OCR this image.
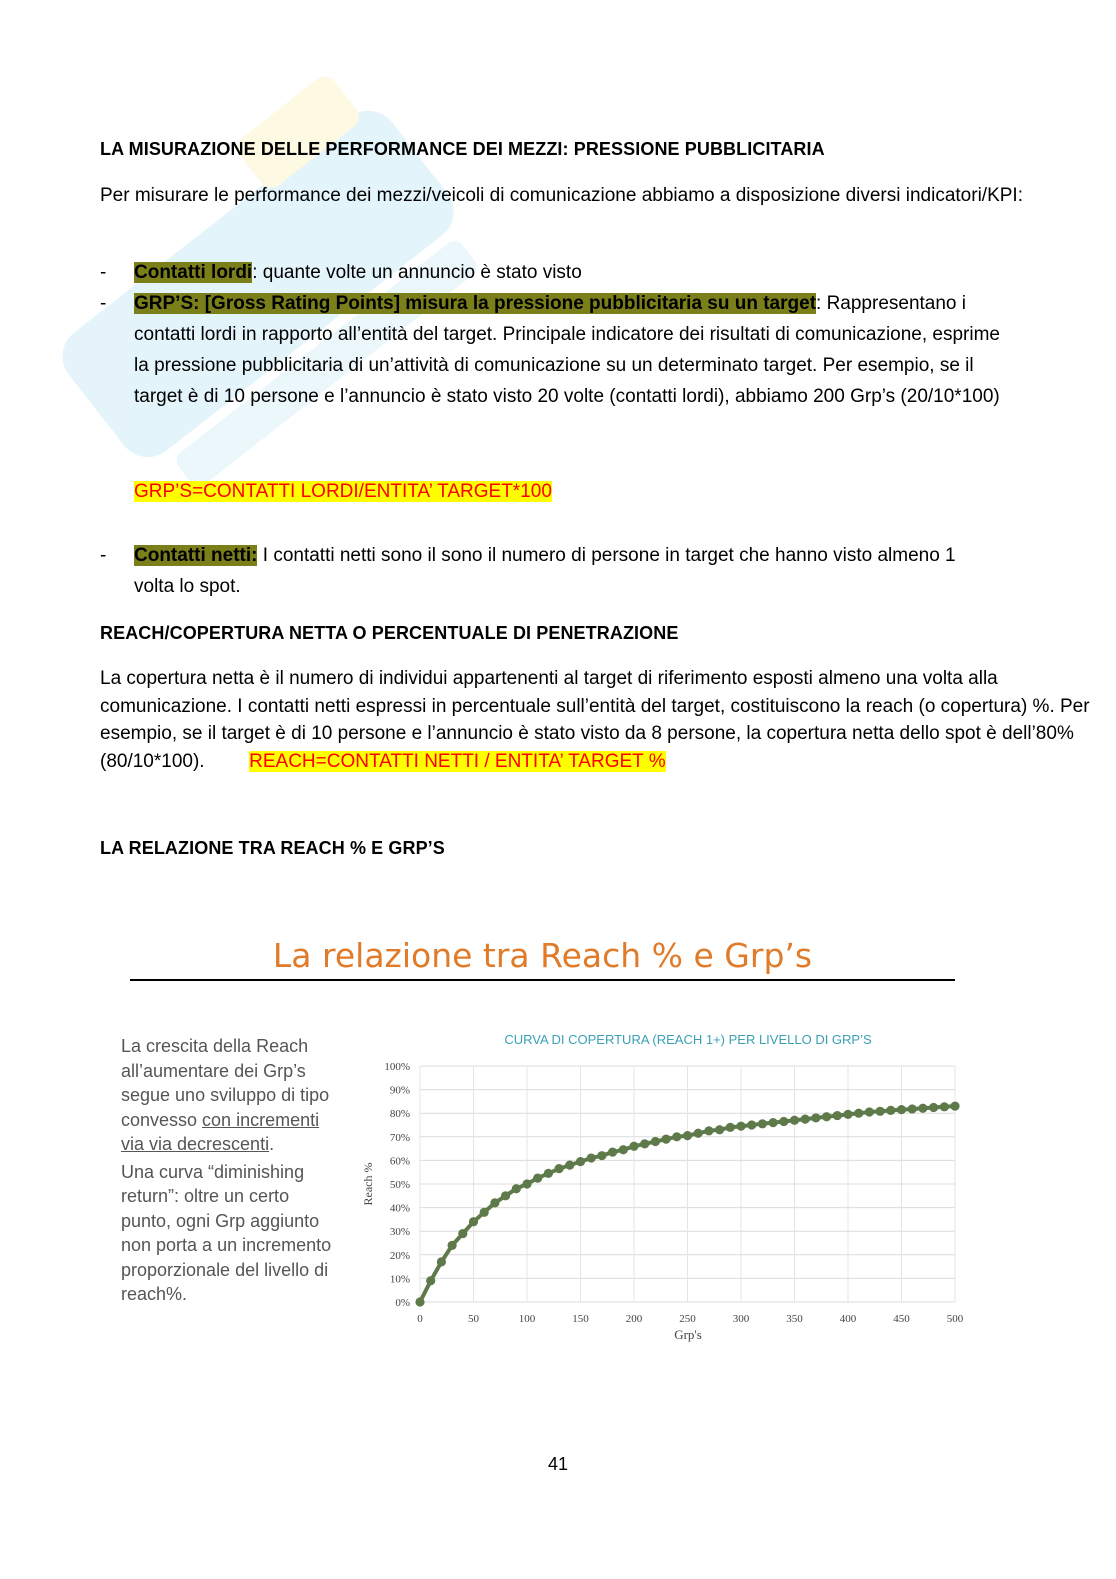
LA MISURAZIONE DELLE PERFORMANCE DEI MEZZI: PRESSIONE PUBBLICITARIA
Per misurare le performance dei mezzi/veicoli di comunicazione abbiamo a disposizione diversi indicatori/KPI:
- Contatti lordi: quante volte un annuncio è stato visto
- GRP’S: [Gross Rating Points] misura la pressione pubblicitaria su un target: Rappresentano i contatti lordi in rapporto all’entità del target. Principale indicatore dei risultati di comunicazione, esprime la pressione pubblicitaria di un’attività di comunicazione su un determinato target. Per esempio, se il target è di 10 persone e l’annuncio è stato visto 20 volte (contatti lordi), abbiamo 200 Grp’s (20/10*100)
GRP’S=CONTATTI LORDI/ENTITA’ TARGET*100
- Contatti netti: I contatti netti sono il sono il numero di persone in target che hanno visto almeno 1 volta lo spot.
REACH/COPERTURA NETTA O PERCENTUALE DI PENETRAZIONE
La copertura netta è il numero di individui appartenenti al target di riferimento esposti almeno una volta alla comunicazione. I contatti netti espressi in percentuale sull’entità del target, costituiscono la reach (o copertura) %. Per esempio, se il target è di 10 persone e l’annuncio è stato visto da 8 persone, la copertura netta dello spot è dell’80% (80/10*100). REACH=CONTATTI NETTI / ENTITA’ TARGET %
LA RELAZIONE TRA REACH % E GRP’S
La relazione tra Reach % e Grp’s

La crescita della Reach all’aumentare dei Grp’s segue uno sviluppo di tipo convesso con incrementi via via decrescenti.

Una curva “diminishing return”: oltre un certo punto, ogni Grp aggiunto non porta a un incremento proporzionale del livello di reach%.

CURVA DI COPERTURA (REACH 1+) PER LIVELLO DI GRP’S
Reach %
Grp's
0%
10%
20%
30%
40%
50%
60%
70%
80%
90%
100%
0	50	100	150	200	250	300	350	400	450	500
41
